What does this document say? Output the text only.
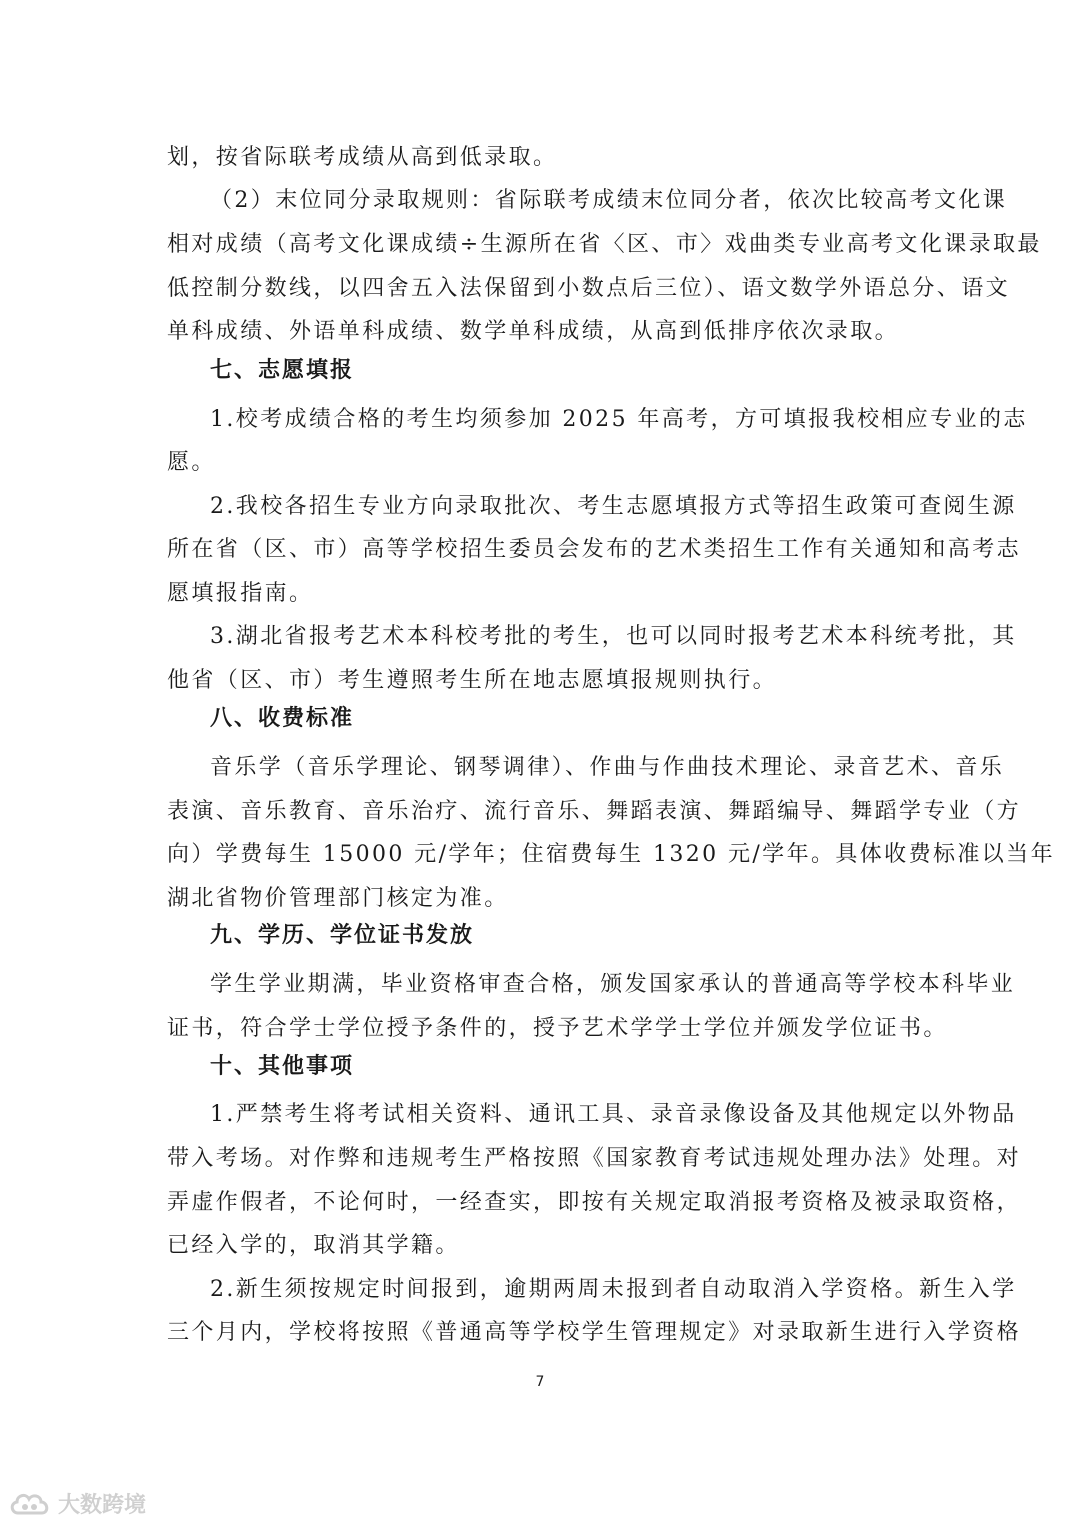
划，按省际联考成绩从高到低录取。
（2）末位同分录取规则：省际联考成绩末位同分者，依次比较高考文化课
相对成绩（高考文化课成绩÷生源所在省〈区、市〉戏曲类专业高考文化课录取最
低控制分数线，以四舍五入法保留到小数点后三位）、语文数学外语总分、语文
单科成绩、外语单科成绩、数学单科成绩，从高到低排序依次录取。
七、志愿填报
1.校考成绩合格的考生均须参加 2025 年高考，方可填报我校相应专业的志
愿。
2.我校各招生专业方向录取批次、考生志愿填报方式等招生政策可查阅生源
所在省（区、市）高等学校招生委员会发布的艺术类招生工作有关通知和高考志
愿填报指南。
3.湖北省报考艺术本科校考批的考生，也可以同时报考艺术本科统考批，其
他省（区、市）考生遵照考生所在地志愿填报规则执行。
八、收费标准
音乐学（音乐学理论、钢琴调律）、作曲与作曲技术理论、录音艺术、音乐
表演、音乐教育、音乐治疗、流行音乐、舞蹈表演、舞蹈编导、舞蹈学专业（方
向）学费每生 15000 元/学年；住宿费每生 1320 元/学年。具体收费标准以当年
湖北省物价管理部门核定为准。
九、学历、学位证书发放
学生学业期满，毕业资格审查合格，颁发国家承认的普通高等学校本科毕业
证书，符合学士学位授予条件的，授予艺术学学士学位并颁发学位证书。
十、其他事项
1.严禁考生将考试相关资料、通讯工具、录音录像设备及其他规定以外物品
带入考场。对作弊和违规考生严格按照《国家教育考试违规处理办法》处理。对
弄虚作假者，不论何时，一经查实，即按有关规定取消报考资格及被录取资格，
已经入学的，取消其学籍。
2.新生须按规定时间报到，逾期两周未报到者自动取消入学资格。新生入学
三个月内，学校将按照《普通高等学校学生管理规定》对录取新生进行入学资格
7
大数跨境
